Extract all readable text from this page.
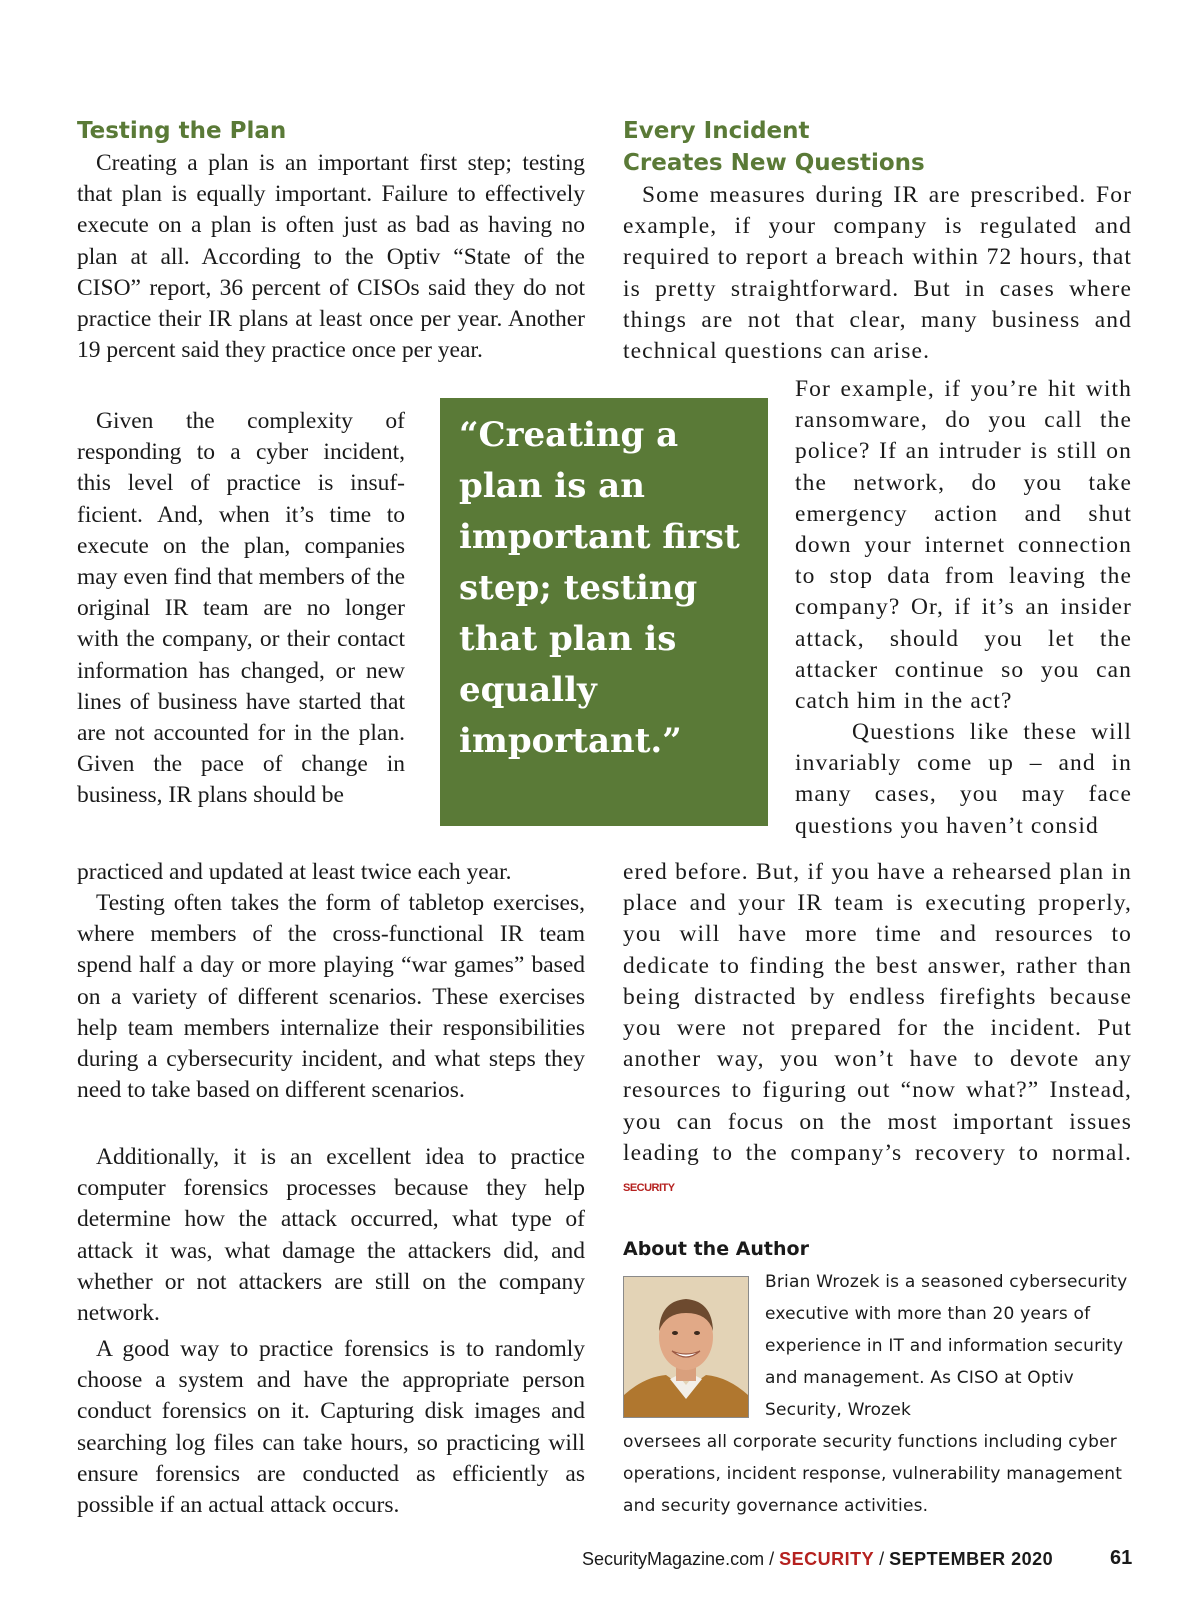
Testing the Plan

Creating a plan is an important first step; testing that plan is equally important. Failure to effectively execute on a plan is often just as bad as having no plan at all. According to the Optiv “State of the CISO” report, 36 percent of CISOs said they do not practice their IR plans at least once per year. Another 19 percent said they practice once per year.

Given the complexity of responding to a cyber incident, this level of practice is insufficient. And, when it’s time to execute on the plan, companies may even find that members of the original IR team are no longer with the company, or their contact information has changed, or new lines of business have started that are not accounted for in the plan. Given the pace of change in business, IR plans should be

practiced and updated at least twice each year.

Testing often takes the form of tabletop exercises, where members of the cross-functional IR team spend half a day or more playing “war games” based on a variety of different scenarios. These exercises help team members internalize their responsibilities during a cybersecurity incident, and what steps they need to take based on different scenarios.

Additionally, it is an excellent idea to practice computer forensics processes because they help determine how the attack occurred, what type of attack it was, what damage the attackers did, and whether or not attackers are still on the company network.

A good way to practice forensics is to randomly choose a system and have the appropriate person conduct forensics on it. Capturing disk images and searching log files can take hours, so practicing will ensure forensics are conducted as efficiently as possible if an actual attack occurs.

“Creating a plan is an important first step; testing that plan is equally important.”

Every Incident
Creates New Questions

Some measures during IR are prescribed. For example, if your company is regulated and required to report a breach within 72 hours, that is pretty straightforward. But in cases where things are not that clear, many business and technical questions can arise.

For example, if you’re hit with ransomware, do you call the police? If an intruder is still on the network, do you take emergency action and shut down your internet connection to stop data from leaving the company? Or, if it’s an insider attack, should you let the attacker continue so you can catch him in the act?

Questions like these will invariably come up – and in many cases, you may face questions you haven’t consid

ered before. But, if you have a rehearsed plan in place and your IR team is executing properly, you will have more time and resources to dedicate to finding the best answer, rather than being distracted by endless firefights because you were not prepared for the incident. Put another way, you won’t have to devote any resources to figuring out “now what?” Instead, you can focus on the most important issues leading to the company’s recovery to normal. SECURITY

About the Author

Brian Wrozek is a seasoned cybersecurity executive with more than 20 years of experience in IT and information security and management. As CISO at Optiv Security, Wrozek

oversees all corporate security functions including cyber operations, incident response, vulnerability management and security governance activities.

SecurityMagazine.com / SECURITY / SEPTEMBER 2020	61
